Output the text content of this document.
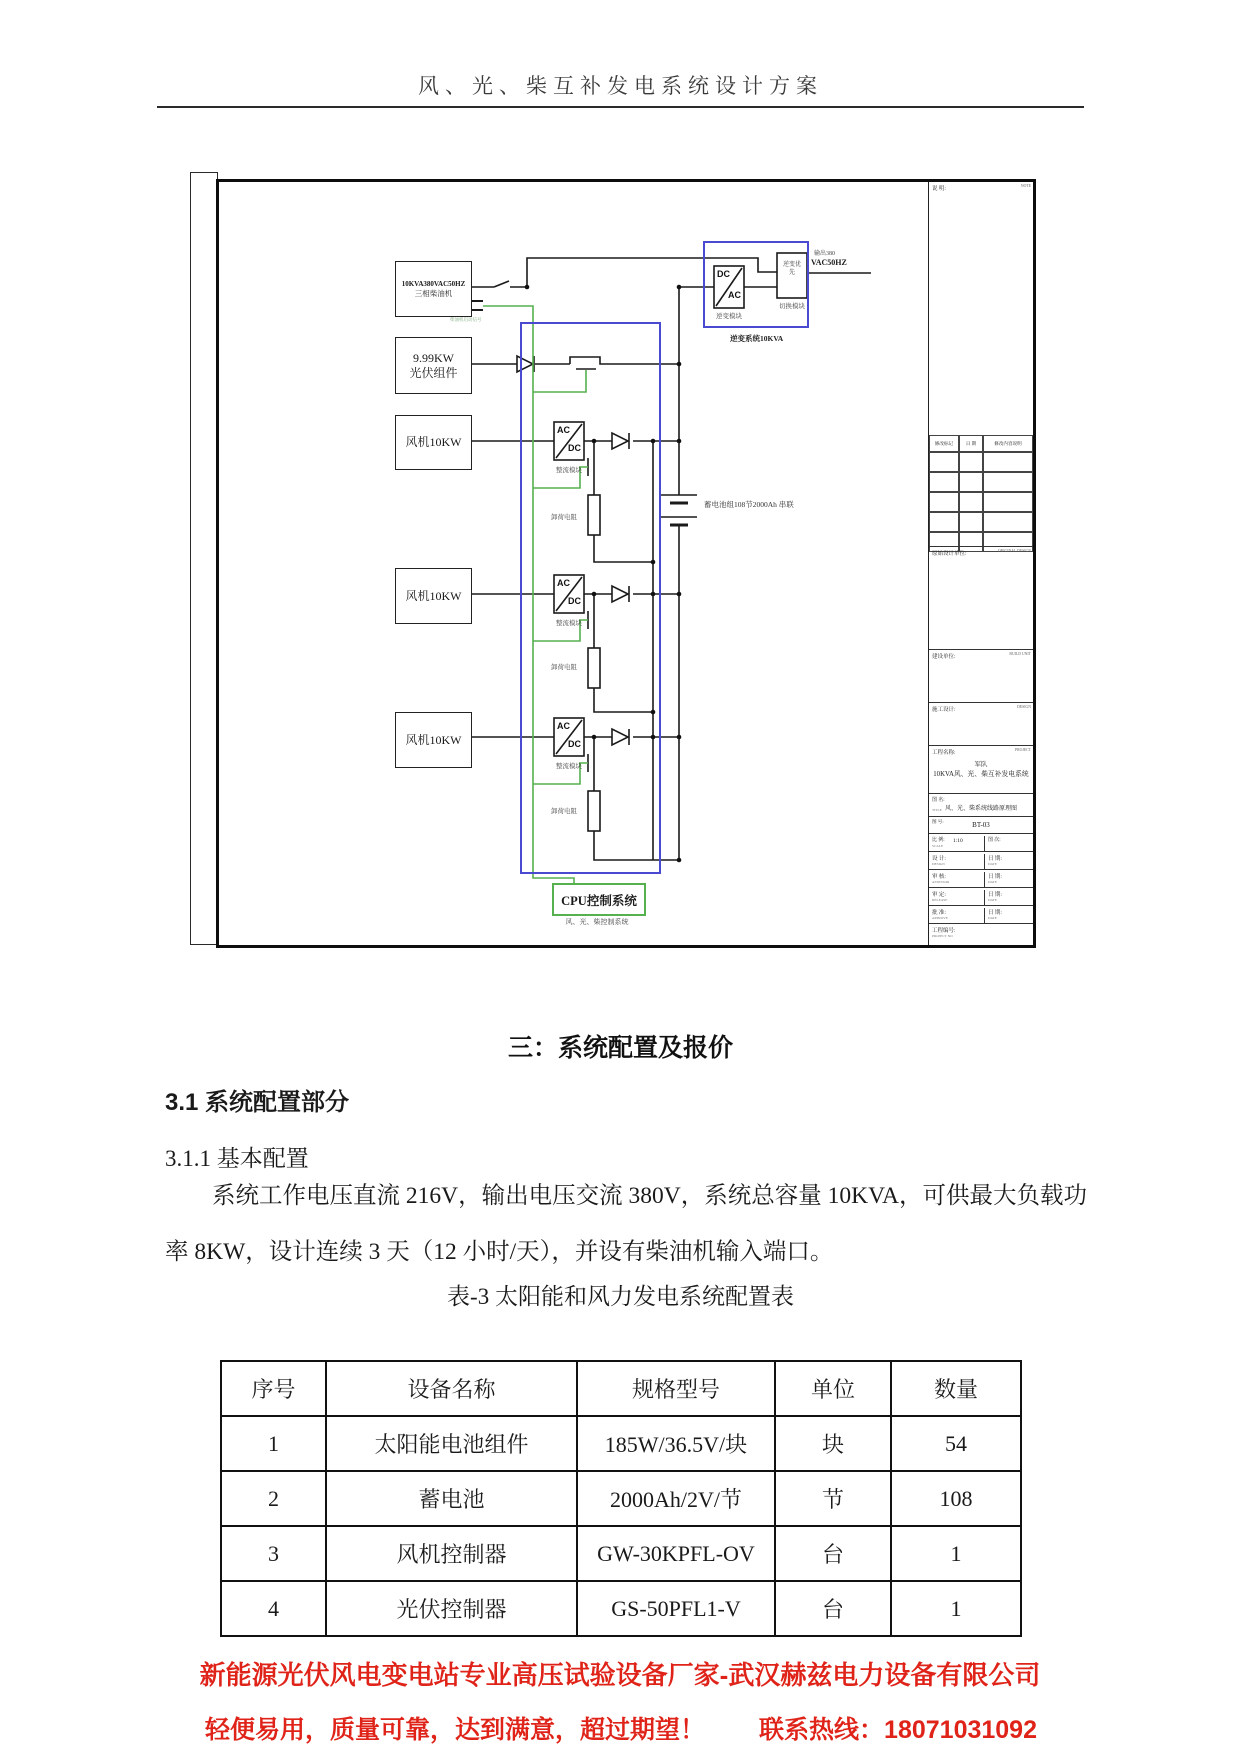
风、光、柴互补发电系统设计方案
10KVA380VAC50HZ
三相柴油机
柴油机启动信号
9.99KW
光伏组件
风机10KW
风机10KW
风机10KW
AC
DC
AC
DC
AC
DC
DC
AC
逆变优先
整流模块
整流模块
整流模块
卸荷电阻
卸荷电阻
卸荷电阻
逆变模块
切换模块
逆变系统10KVA
输出380
VAC50HZ
蓄电池组108节2000Ah 串联
CPU控制系统
风、光、柴控制系统
说 明:	NOTE
修改标记	日 期	修改内容说明
原始设计单位:	ORIGINAL DESIGN
建设单位:	BUILD UNIT
施工设计:	DESIGN
工程名称:	PROJECT
军队
10KVA风、光、柴互补发电系统
图 名:
风、光、柴系统线路原理图
TITLE
图 号:	BT-03
比 例: 1:10
SCALE
图 次:
设 计:
DESIGN
日 期:
DATE
审 核:
ASSESSOR
日 期:
DATE
审 定:
RELEASE
日 期:
DATE
批 准:
APPROVE
日 期:
DATE
工程编号:
PROJECT NO
三：系统配置及报价
3.1 系统配置部分
3.1.1 基本配置
系统工作电压直流 216V，输出电压交流 380V，系统总容量 10KVA，可供最大负载功率 8KW，设计连续 3 天（12 小时/天），并设有柴油机输入端口。
表-3 太阳能和风力发电系统配置表
序号	设备名称	规格型号	单位	数量
1	太阳能电池组件	185W/36.5V/块	块	54
2	蓄电池	2000Ah/2V/节	节	108
3	风机控制器	GW-30KPFL-OV	台	1
4	光伏控制器	GS-50PFL1-V	台	1
新能源光伏风电变电站专业高压试验设备厂家-武汉赫兹电力设备有限公司
轻便易用，质量可靠，达到满意，超过期望！ 联系热线：18071031092
